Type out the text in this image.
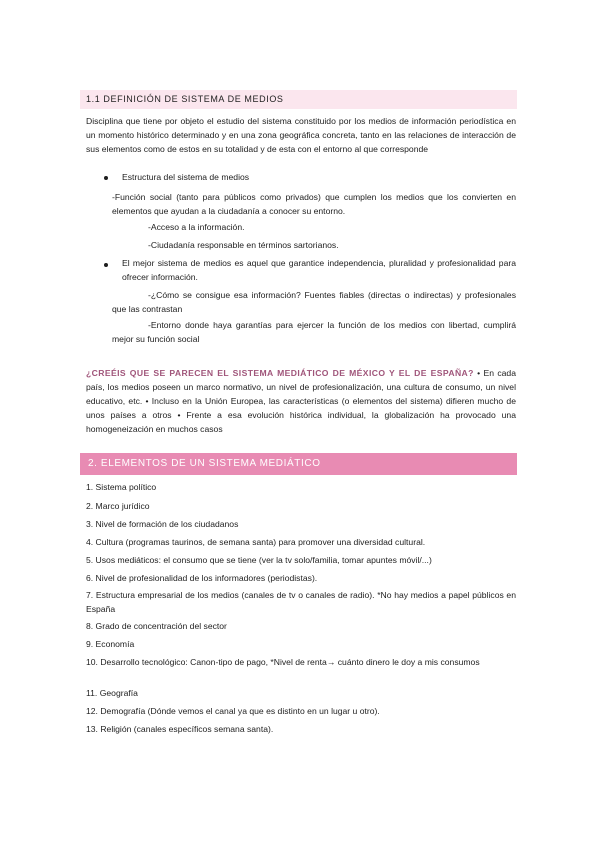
1.1 DEFINICIÓN DE SISTEMA DE MEDIOS
Disciplina que tiene por objeto el estudio del sistema constituido por los medios de información periodística en un momento histórico determinado y en una zona geográfica concreta, tanto en las relaciones de interacción de sus elementos como de estos en su totalidad y de esta con el entorno al que corresponde
Estructura del sistema de medios
-Función social (tanto para públicos como privados) que cumplen los medios que los convierten en elementos que ayudan a la ciudadanía a conocer su entorno.
-Acceso a la información.
-Ciudadanía responsable en términos sartorianos.
El mejor sistema de medios es aquel que garantice independencia, pluralidad y profesionalidad para ofrecer información.
-¿Cómo se consigue esa información? Fuentes fiables (directas o indirectas) y profesionales que las contrastan
-Entorno donde haya garantías para ejercer la función de los medios con libertad, cumplirá mejor su función social
¿CREÉIS QUE SE PARECEN EL SISTEMA MEDIÁTICO DE MÉXICO Y EL DE ESPAÑA? • En cada país, los medios poseen un marco normativo, un nivel de profesionalización, una cultura de consumo, un nivel educativo, etc. • Incluso en la Unión Europea, las características (o elementos del sistema) difieren mucho de unos países a otros • Frente a esa evolución histórica individual, la globalización ha provocado una homogeneización en muchos casos
2. ELEMENTOS DE UN SISTEMA MEDIÁTICO
1. Sistema político
2. Marco jurídico
3. Nivel de formación de los ciudadanos
4. Cultura (programas taurinos, de semana santa) para promover una diversidad cultural.
5. Usos mediáticos: el consumo que se tiene (ver la tv solo/familia, tomar apuntes móvil/...)
6. Nivel de profesionalidad de los informadores (periodistas).
7. Estructura empresarial de los medios (canales de tv o canales de radio). *No hay medios a papel públicos en España
8. Grado de concentración del sector
9. Economía
10. Desarrollo tecnológico: Canon-tipo de pago, *Nivel de renta→ cuánto dinero le doy a mis consumos
11. Geografía
12. Demografía (Dónde vemos el canal ya que es distinto en un lugar u otro).
13. Religión (canales específicos semana santa).
